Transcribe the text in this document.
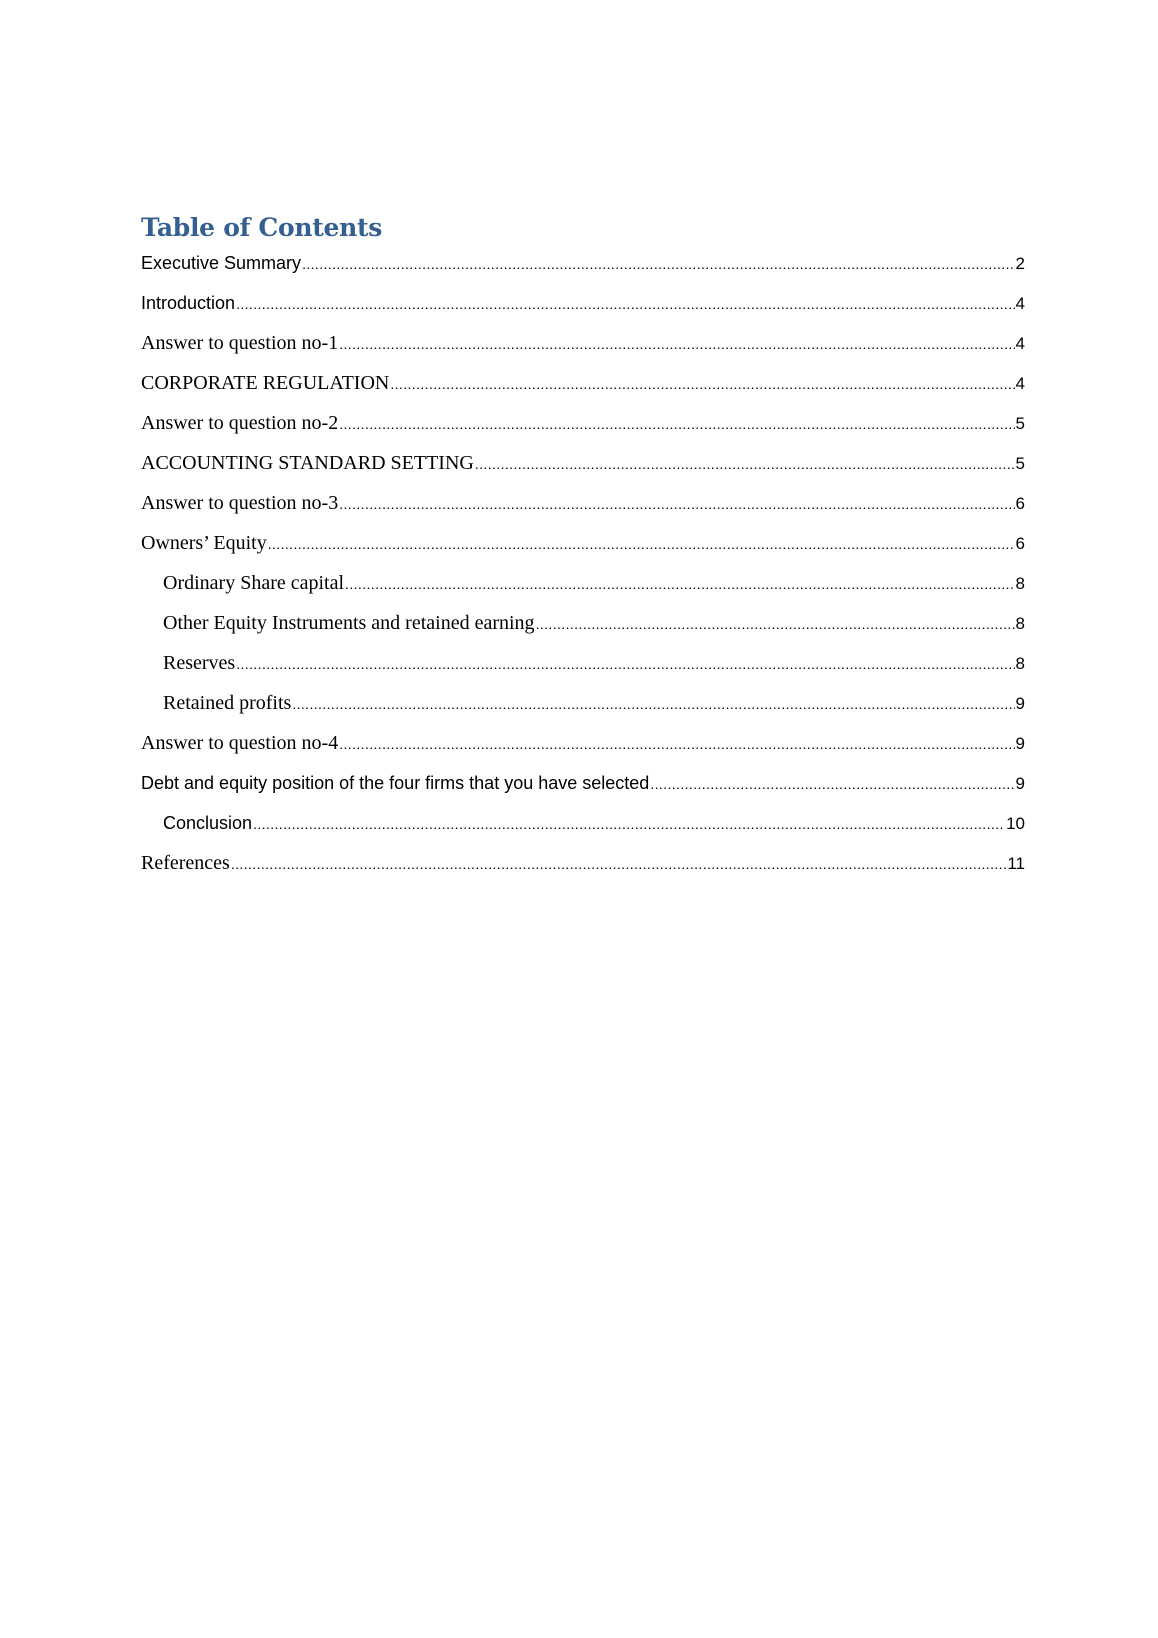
Table of Contents
Executive Summary .....	2
Introduction .....	4
Answer to question no-1 .....	4
CORPORATE REGULATION .....	4
Answer to question no-2 .....	5
ACCOUNTING STANDARD SETTING .....	5
Answer to question no-3 .....	6
Owners’ Equity .....	6
Ordinary Share capital .....	8
Other Equity Instruments and retained earning .....	8
Reserves .....	8
Retained profits .....	9
Answer to question no-4 .....	9
Debt and equity position of the four firms that you have selected .....	9
Conclusion .....	10
References .....	11
